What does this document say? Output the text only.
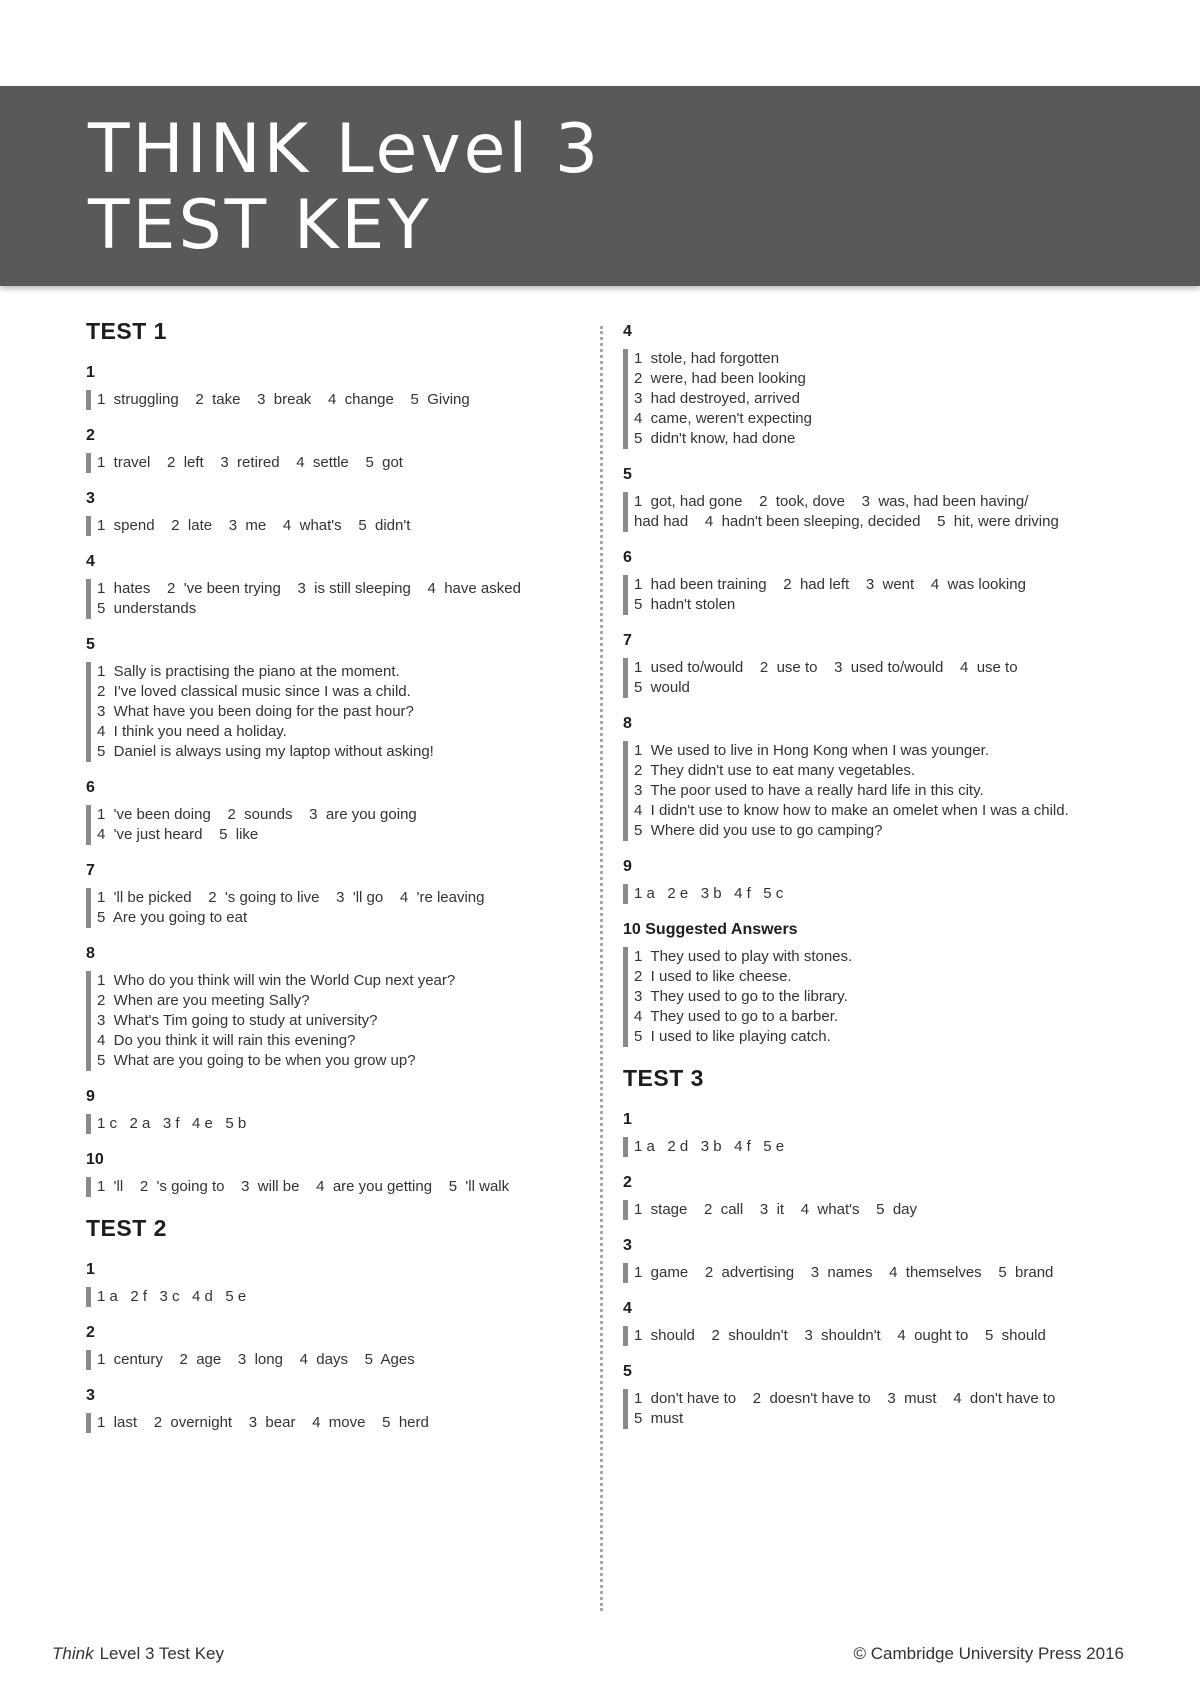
THINK Level 3
TEST KEY
TEST 1
1
1  struggling    2  take    3  break    4  change    5  Giving
2
1  travel    2  left    3  retired    4  settle    5  got
3
1  spend    2  late    3  me    4  what's    5  didn't
4
1  hates    2  've been trying    3  is still sleeping    4  have asked
5  understands
5
1  Sally is practising the piano at the moment.
2  I've loved classical music since I was a child.
3  What have you been doing for the past hour?
4  I think you need a holiday.
5  Daniel is always using my laptop without asking!
6
1  've been doing    2  sounds    3  are you going
4  've just heard    5  like
7
1  'll be picked    2  's going to live    3  'll go    4  're leaving
5  Are you going to eat
8
1  Who do you think will win the World Cup next year?
2  When are you meeting Sally?
3  What's Tim going to study at university?
4  Do you think it will rain this evening?
5  What are you going to be when you grow up?
9
1 c   2 a   3 f   4 e   5 b
10
1  'll    2  's going to    3  will be    4  are you getting    5  'll walk
TEST 2
1
1 a   2 f   3 c   4 d   5 e
2
1  century    2  age    3  long    4  days    5  Ages
3
1  last    2  overnight    3  bear    4  move    5  herd
4
1  stole, had forgotten
2  were, had been looking
3  had destroyed, arrived
4  came, weren't expecting
5  didn't know, had done
5
1  got, had gone    2  took, dove    3  was, had been having/
had had    4  hadn't been sleeping, decided    5  hit, were driving
6
1  had been training    2  had left    3  went    4  was looking
5  hadn't stolen
7
1  used to/would    2  use to    3  used to/would    4  use to
5  would
8
1  We used to live in Hong Kong when I was younger.
2  They didn't use to eat many vegetables.
3  The poor used to have a really hard life in this city.
4  I didn't use to know how to make an omelet when I was a child.
5  Where did you use to go camping?
9
1 a   2 e   3 b   4 f   5 c
10 Suggested Answers
1  They used to play with stones.
2  I used to like cheese.
3  They used to go to the library.
4  They used to go to a barber.
5  I used to like playing catch.
TEST 3
1
1 a   2 d   3 b   4 f   5 e
2
1  stage    2  call    3  it    4  what's    5  day
3
1  game    2  advertising    3  names    4  themselves    5  brand
4
1  should    2  shouldn't    3  shouldn't    4  ought to    5  should
5
1  don't have to    2  doesn't have to    3  must    4  don't have to
5  must
Think Level 3 Test Key	© Cambridge University Press 2016
